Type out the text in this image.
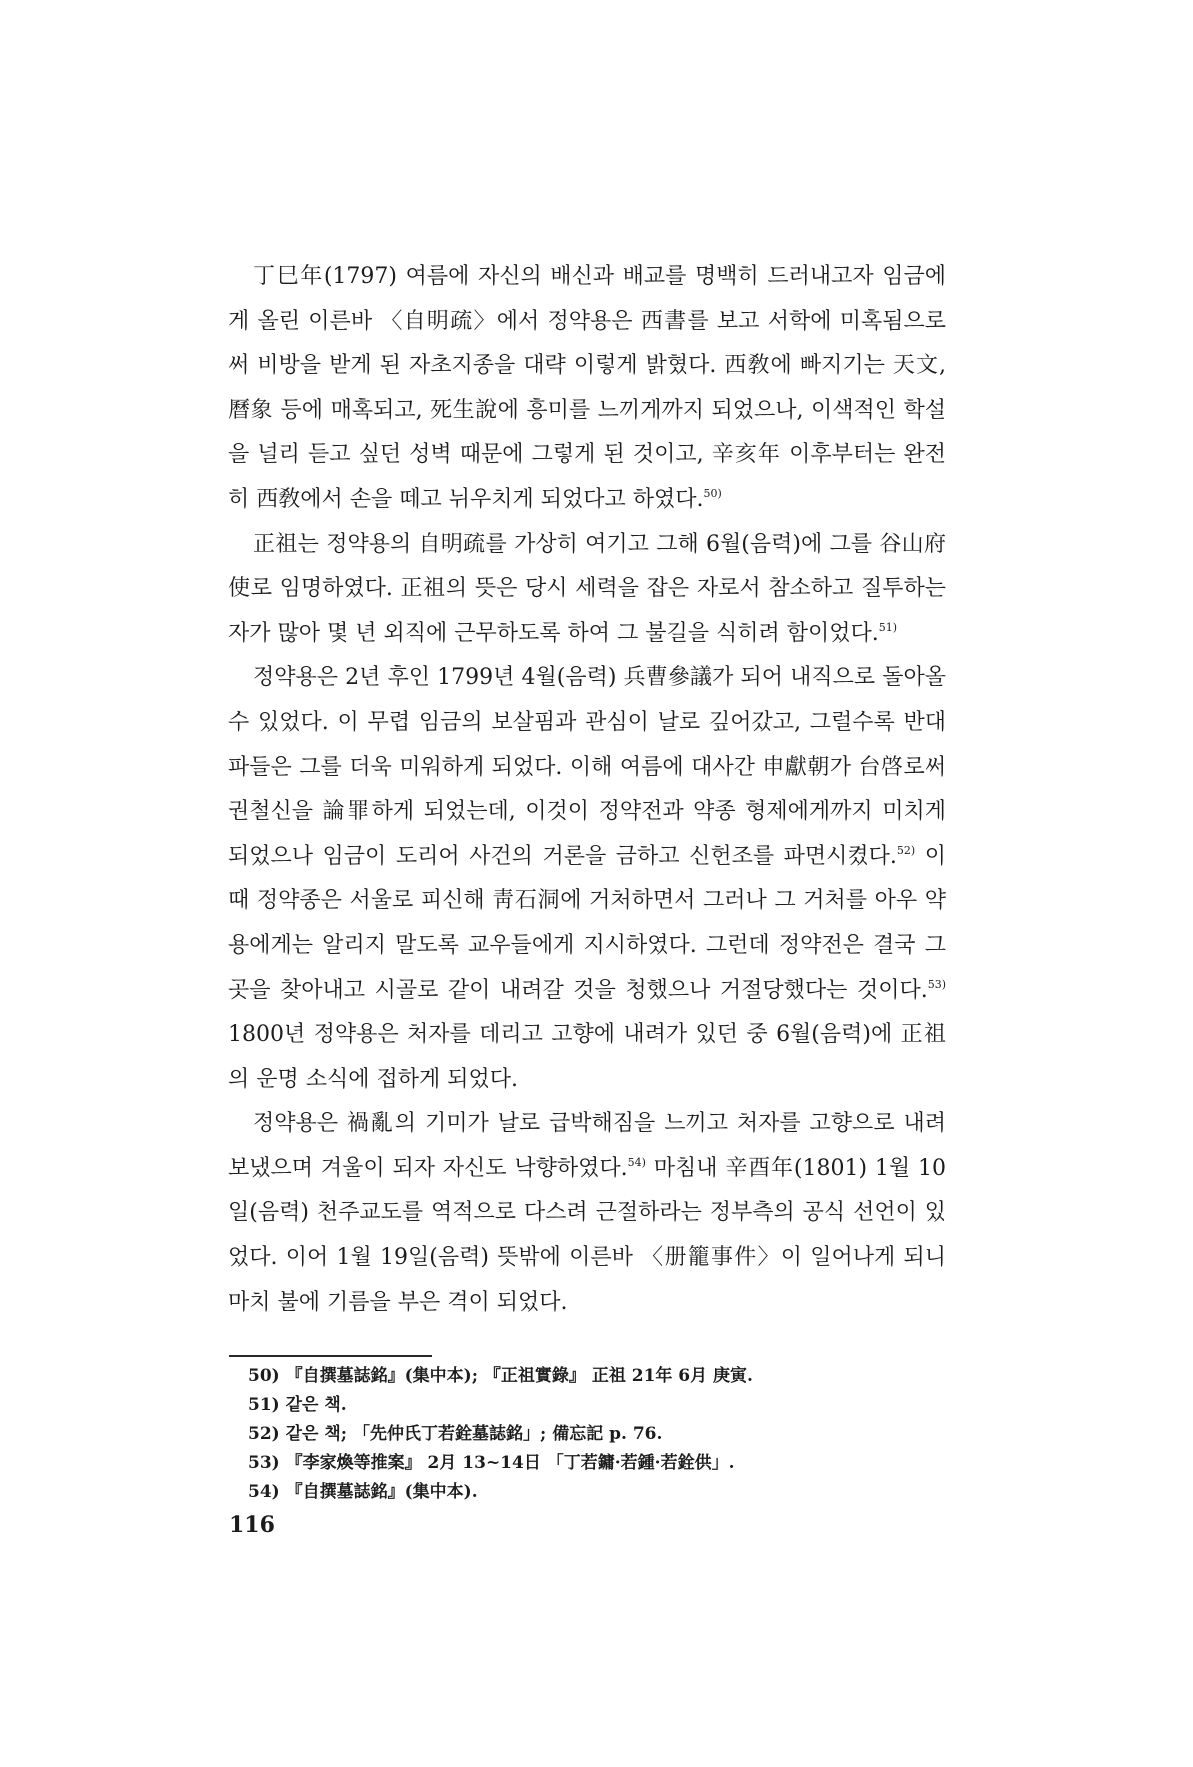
丁巳年(1797) 여름에 자신의 배신과 배교를 명백히 드러내고자 임금에게 올린 이른바 〈自明疏〉에서 정약용은 西書를 보고 서학에 미혹됨으로써 비방을 받게 된 자초지종을 대략 이렇게 밝혔다. 西敎에 빠지기는 天文, 曆象 등에 매혹되고, 死生說에 흥미를 느끼게까지 되었으나, 이색적인 학설을 널리 듣고 싶던 성벽 때문에 그렇게 된 것이고, 辛亥年 이후부터는 완전히 西敎에서 손을 떼고 뉘우치게 되었다고 하였다.$^{50)}$

正祖는 정약용의 自明疏를 가상히 여기고 그해 6월(음력)에 그를 谷山府使로 임명하였다. 正祖의 뜻은 당시 세력을 잡은 자로서 참소하고 질투하는 자가 많아 몇 년 외직에 근무하도록 하여 그 불길을 식히려 함이었다.$^{51)}$

정약용은 2년 후인 1799년 4월(음력) 兵曹參議가 되어 내직으로 돌아올 수 있었다. 이 무렵 임금의 보살핌과 관심이 날로 깊어갔고, 그럴수록 반대파들은 그를 더욱 미워하게 되었다. 이해 여름에 대사간 申獻朝가 台啓로써 권철신을 論罪하게 되었는데, 이것이 정약전과 약종 형제에게까지 미치게 되었으나 임금이 도리어 사건의 거론을 금하고 신헌조를 파면시켰다.$^{52)}$ 이때 정약종은 서울로 피신해 靑石洞에 거처하면서 그러나 그 거처를 아우 약용에게는 알리지 말도록 교우들에게 지시하였다. 그런데 정약전은 결국 그곳을 찾아내고 시골로 같이 내려갈 것을 청했으나 거절당했다는 것이다.$^{53)}$ 1800년 정약용은 처자를 데리고 고향에 내려가 있던 중 6월(음력)에 正祖의 운명 소식에 접하게 되었다.

정약용은 禍亂의 기미가 날로 급박해짐을 느끼고 처자를 고향으로 내려보냈으며 겨울이 되자 자신도 낙향하였다.$^{54)}$ 마침내 辛酉年(1801) 1월 10일(음력) 천주교도를 역적으로 다스려 근절하라는 정부측의 공식 선언이 있었다. 이어 1월 19일(음력) 뜻밖에 이른바 〈册籠事件〉이 일어나게 되니 마치 불에 기름을 부은 격이 되었다.

50) 『自撰墓誌銘』(集中本); 『正祖實錄』 正祖 21年 6月 庚寅.
51) 같은 책.
52) 같은 책; 「先仲氏丁若銓墓誌銘」; 備忘記 p. 76.
53) 『李家煥等推案』 2月 13~14日 「丁若鏞·若鍾·若銓供」.
54) 『自撰墓誌銘』(集中本).
116
